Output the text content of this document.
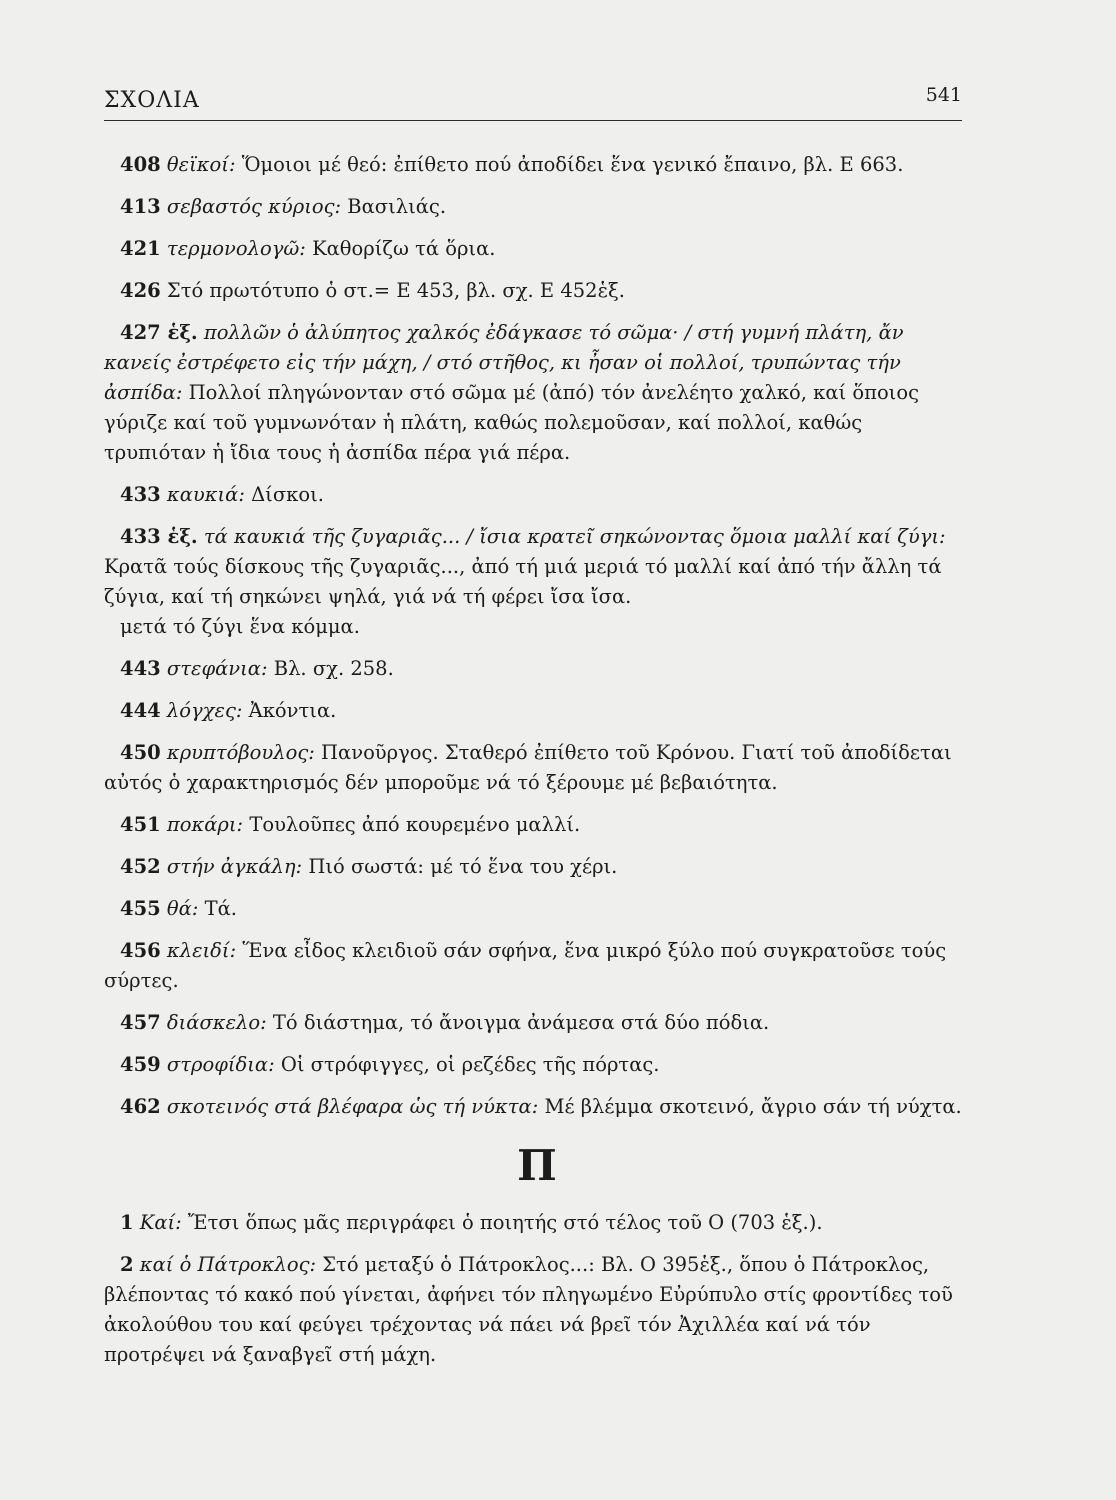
ΣΧΟΛΙΑ	541

408 θεϊκοί: Ὅμοιοι μέ θεό: ἐπίθετο πού ἀποδίδει ἕνα γενικό ἔπαινο, βλ. Ε 663.

413 σεβαστός κύριος: Βασιλιάς.

421 τερμονολογῶ: Καθορίζω τά ὅρια.

426 Στό πρωτότυπο ὁ στ.= Ε 453, βλ. σχ. Ε 452ἑξ.

427 ἑξ. πολλῶν ὁ ἀλύπητος χαλκός ἐδάγκασε τό σῶμα· / στή γυμνή πλάτη, ἄν κανείς ἐστρέφετο εἰς τήν μάχη, / στό στῆθος, κι ἦσαν οἱ πολλοί, τρυπώντας τήν ἀσπίδα: Πολλοί πληγώνονταν στό σῶμα μέ (ἀπό) τόν ἀνελέητο χαλκό, καί ὅποιος γύριζε καί τοῦ γυμνωνόταν ἡ πλάτη, καθώς πολεμοῦσαν, καί πολλοί, καθώς τρυπιόταν ἡ ἴδια τους ἡ ἀσπίδα πέρα γιά πέρα.

433 καυκιά: Δίσκοι.

433 ἑξ. τά καυκιά τῆς ζυγαριᾶς... / ἴσια κρατεῖ σηκώνοντας ὅμοια μαλλί καί ζύγι: Κρατᾶ τούς δίσκους τῆς ζυγαριᾶς..., ἀπό τή μιά μεριά τό μαλλί καί ἀπό τήν ἄλλη τά ζύγια, καί τή σηκώνει ψηλά, γιά νά τή φέρει ἴσα ἴσα.

μετά τό ζύγι ἕνα κόμμα.

443 στεφάνια: Βλ. σχ. 258.

444 λόγχες: Ἀκόντια.

450 κρυπτόβουλος: Πανοῦργος. Σταθερό ἐπίθετο τοῦ Κρόνου. Γιατί τοῦ ἀποδίδεται αὐτός ὁ χαρακτηρισμός δέν μποροῦμε νά τό ξέρουμε μέ βεβαιότητα.

451 ποκάρι: Τουλοῦπες ἀπό κουρεμένο μαλλί.

452 στήν ἀγκάλη: Πιό σωστά: μέ τό ἕνα του χέρι.

455 θά: Τά.

456 κλειδί: Ἕνα εἶδος κλειδιοῦ σάν σφήνα, ἕνα μικρό ξύλο πού συγκρατοῦσε τούς σύρτες.

457 διάσκελο: Τό διάστημα, τό ἄνοιγμα ἀνάμεσα στά δύο πόδια.

459 στροφίδια: Οἱ στρόφιγγες, οἱ ρεζέδες τῆς πόρτας.

462 σκοτεινός στά βλέφαρα ὡς τή νύκτα: Μέ βλέμμα σκοτεινό, ἄγριο σάν τή νύχτα.

Π

1 Καί: Ἔτσι ὅπως μᾶς περιγράφει ὁ ποιητής στό τέλος τοῦ Ο (703 ἑξ.).

2 καί ὁ Πάτροκλος: Στό μεταξύ ὁ Πάτροκλος...: Βλ. Ο 395ἑξ., ὅπου ὁ Πάτροκλος, βλέποντας τό κακό πού γίνεται, ἀφήνει τόν πληγωμένο Εὐρύπυλο στίς φροντίδες τοῦ ἀκολούθου του καί φεύγει τρέχοντας νά πάει νά βρεῖ τόν Ἀχιλλέα καί νά τόν προτρέψει νά ξαναβγεῖ στή μάχη.
